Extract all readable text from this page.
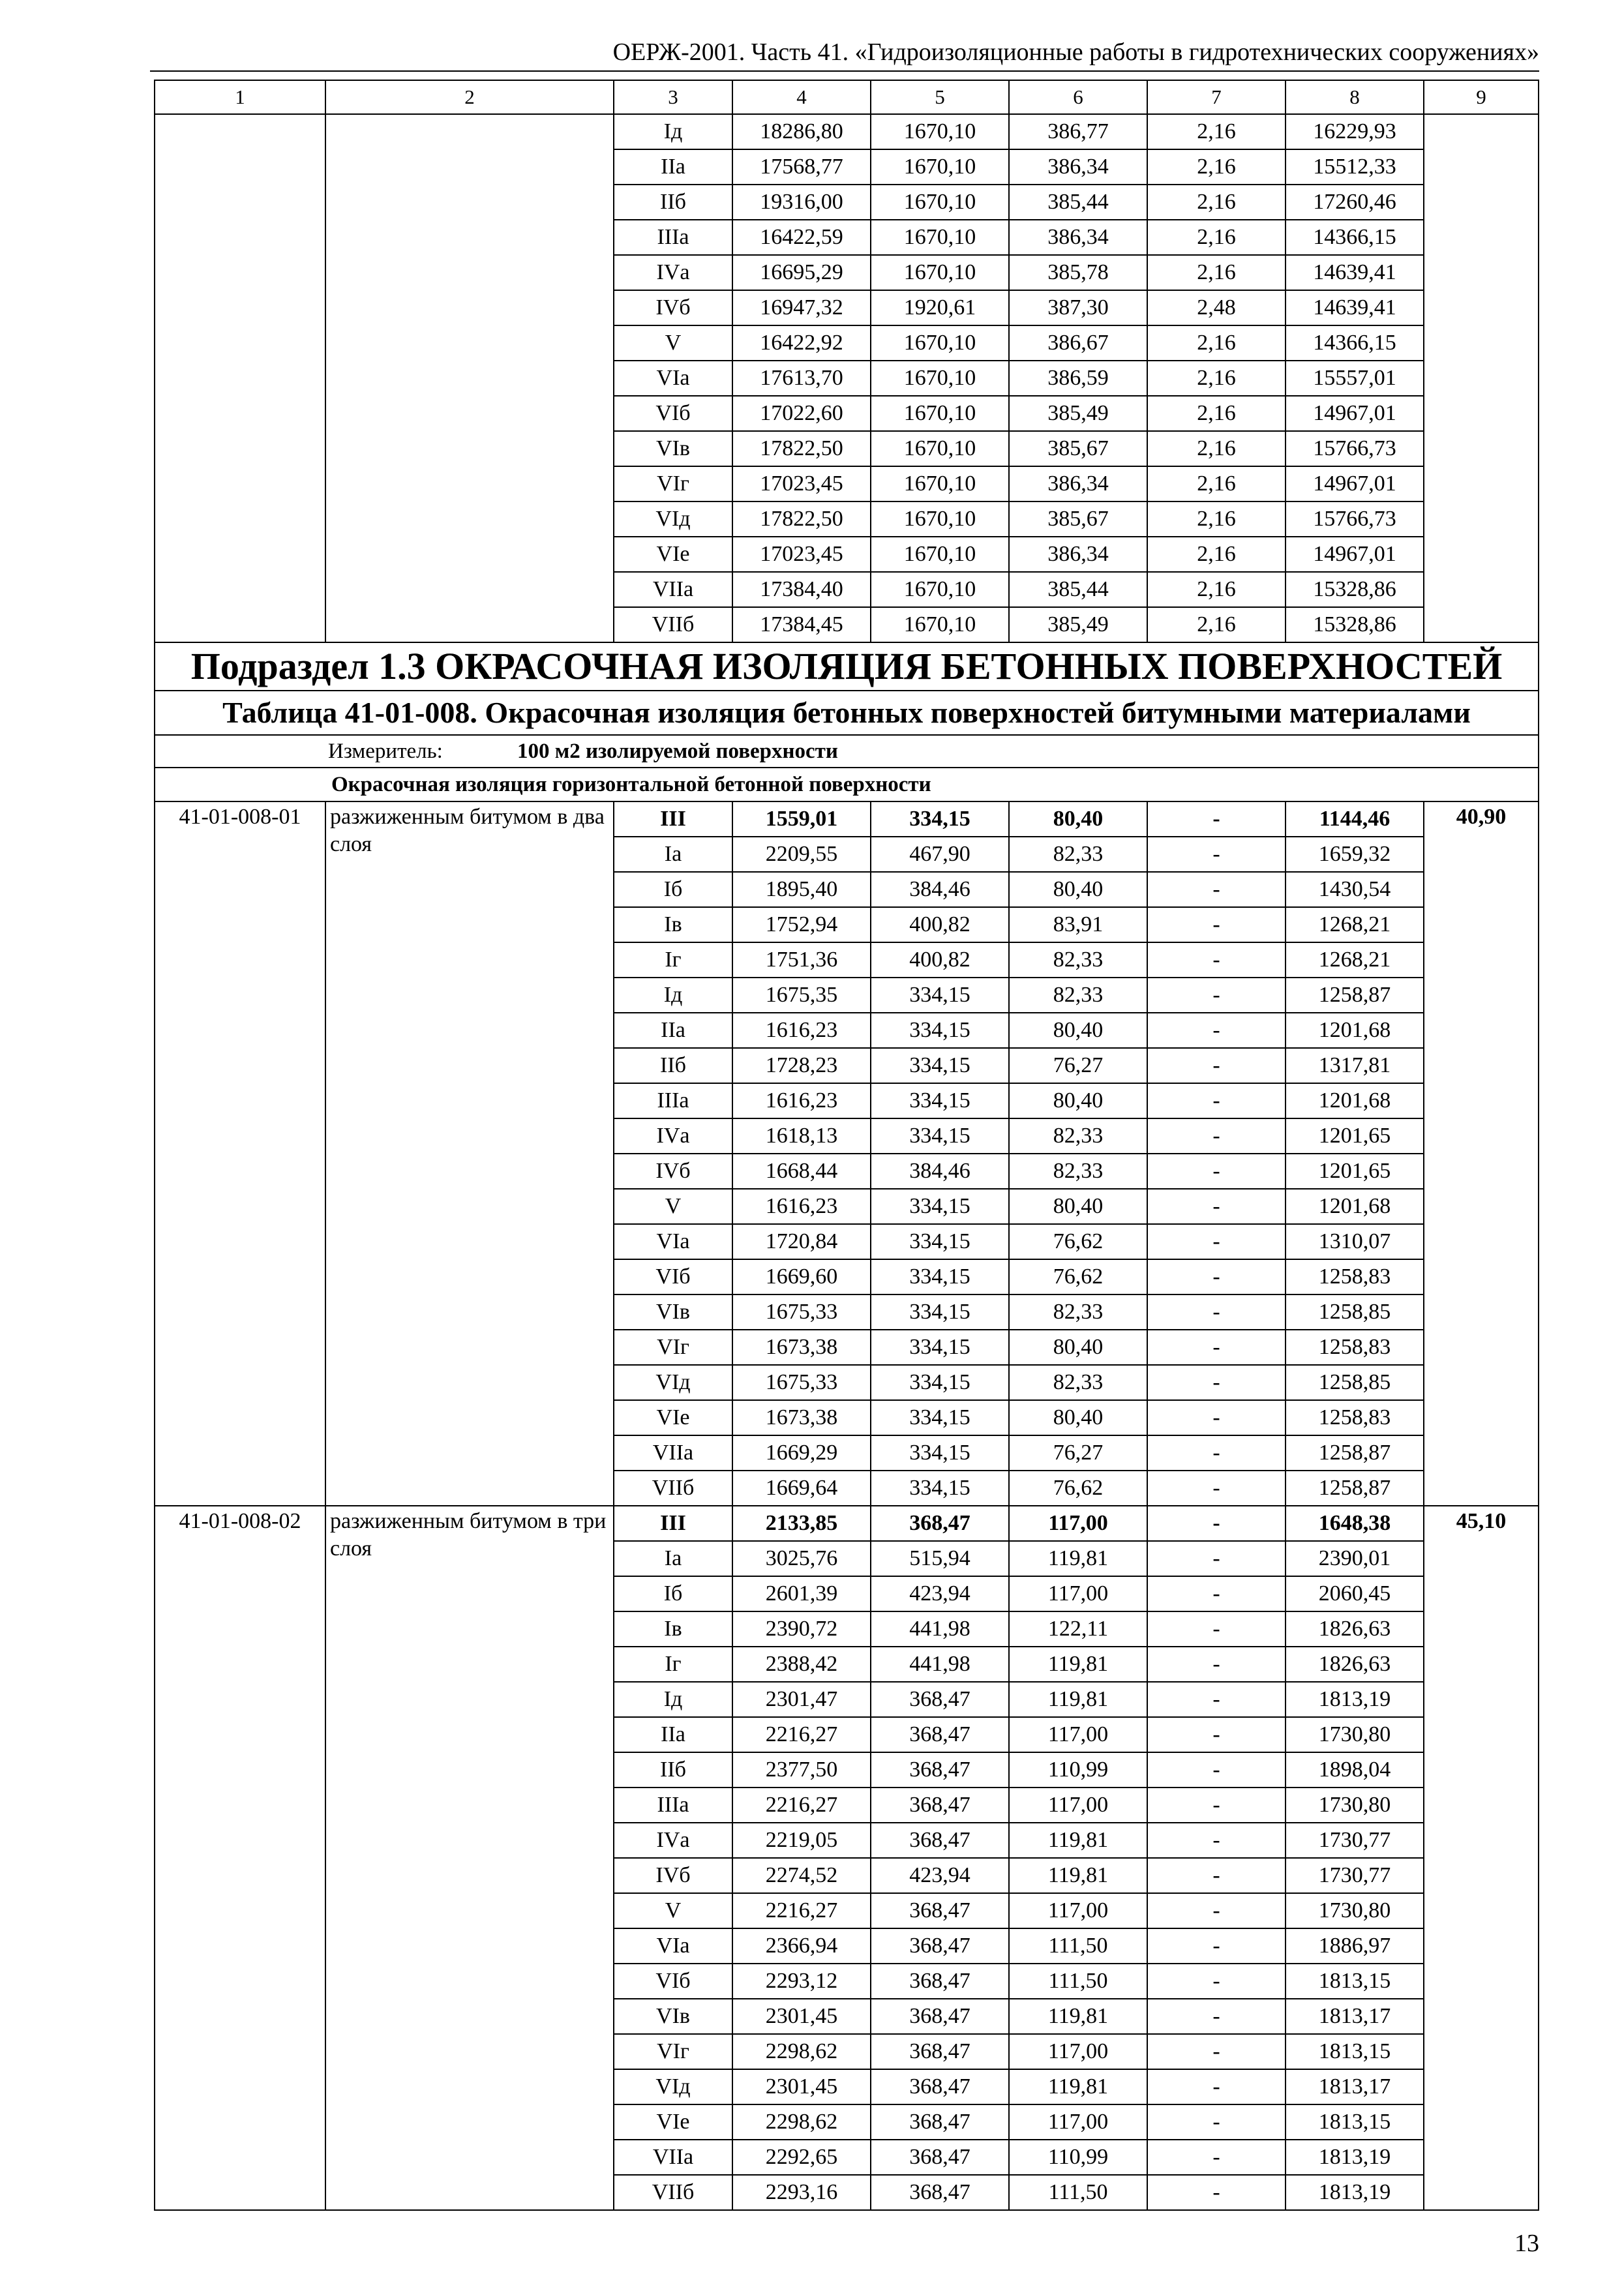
ОЕРЖ-2001. Часть 41. «Гидроизоляционные работы в гидротехнических сооружениях»
1	2	3	4	5	6	7	8	9
		Iд	18286,80	1670,10	386,77	2,16	16229,93	
		IIа	17568,77	1670,10	386,34	2,16	15512,33	
		IIб	19316,00	1670,10	385,44	2,16	17260,46	
		IIIа	16422,59	1670,10	386,34	2,16	14366,15	
		IVа	16695,29	1670,10	385,78	2,16	14639,41	
		IVб	16947,32	1920,61	387,30	2,48	14639,41	
		V	16422,92	1670,10	386,67	2,16	14366,15	
		VIа	17613,70	1670,10	386,59	2,16	15557,01	
		VIб	17022,60	1670,10	385,49	2,16	14967,01	
		VIв	17822,50	1670,10	385,67	2,16	15766,73	
		VIг	17023,45	1670,10	386,34	2,16	14967,01	
		VIд	17822,50	1670,10	385,67	2,16	15766,73	
		VIе	17023,45	1670,10	386,34	2,16	14967,01	
		VIIа	17384,40	1670,10	385,44	2,16	15328,86	
		VIIб	17384,45	1670,10	385,49	2,16	15328,86	
Подраздел 1.3 ОКРАСОЧНАЯ ИЗОЛЯЦИЯ БЕТОННЫХ ПОВЕРХНОСТЕЙ								
Таблица 41-01-008. Окрасочная изоляция бетонных поверхностей битумными материалами								
Измеритель: 100 м2 изолируемой поверхности								
Окрасочная изоляция горизонтальной бетонной поверхности								
41-01-008-01	разжиженным битумом в два слоя	III	1559,01	334,15	80,40	-	1144,46	40,90
		Iа	2209,55	467,90	82,33	-	1659,32	
		Iб	1895,40	384,46	80,40	-	1430,54	
		Iв	1752,94	400,82	83,91	-	1268,21	
		Iг	1751,36	400,82	82,33	-	1268,21	
		Iд	1675,35	334,15	82,33	-	1258,87	
		IIа	1616,23	334,15	80,40	-	1201,68	
		IIб	1728,23	334,15	76,27	-	1317,81	
		IIIа	1616,23	334,15	80,40	-	1201,68	
		IVа	1618,13	334,15	82,33	-	1201,65	
		IVб	1668,44	384,46	82,33	-	1201,65	
		V	1616,23	334,15	80,40	-	1201,68	
		VIа	1720,84	334,15	76,62	-	1310,07	
		VIб	1669,60	334,15	76,62	-	1258,83	
		VIв	1675,33	334,15	82,33	-	1258,85	
		VIг	1673,38	334,15	80,40	-	1258,83	
		VIд	1675,33	334,15	82,33	-	1258,85	
		VIе	1673,38	334,15	80,40	-	1258,83	
		VIIа	1669,29	334,15	76,27	-	1258,87	
		VIIб	1669,64	334,15	76,62	-	1258,87	
41-01-008-02	разжиженным битумом в три слоя	III	2133,85	368,47	117,00	-	1648,38	45,10
		Iа	3025,76	515,94	119,81	-	2390,01	
		Iб	2601,39	423,94	117,00	-	2060,45	
		Iв	2390,72	441,98	122,11	-	1826,63	
		Iг	2388,42	441,98	119,81	-	1826,63	
		Iд	2301,47	368,47	119,81	-	1813,19	
		IIа	2216,27	368,47	117,00	-	1730,80	
		IIб	2377,50	368,47	110,99	-	1898,04	
		IIIа	2216,27	368,47	117,00	-	1730,80	
		IVа	2219,05	368,47	119,81	-	1730,77	
		IVб	2274,52	423,94	119,81	-	1730,77	
		V	2216,27	368,47	117,00	-	1730,80	
		VIа	2366,94	368,47	111,50	-	1886,97	
		VIб	2293,12	368,47	111,50	-	1813,15	
		VIв	2301,45	368,47	119,81	-	1813,17	
		VIг	2298,62	368,47	117,00	-	1813,15	
		VIд	2301,45	368,47	119,81	-	1813,17	
		VIе	2298,62	368,47	117,00	-	1813,15	
		VIIа	2292,65	368,47	110,99	-	1813,19	
		VIIб	2293,16	368,47	111,50	-	1813,19	
13
